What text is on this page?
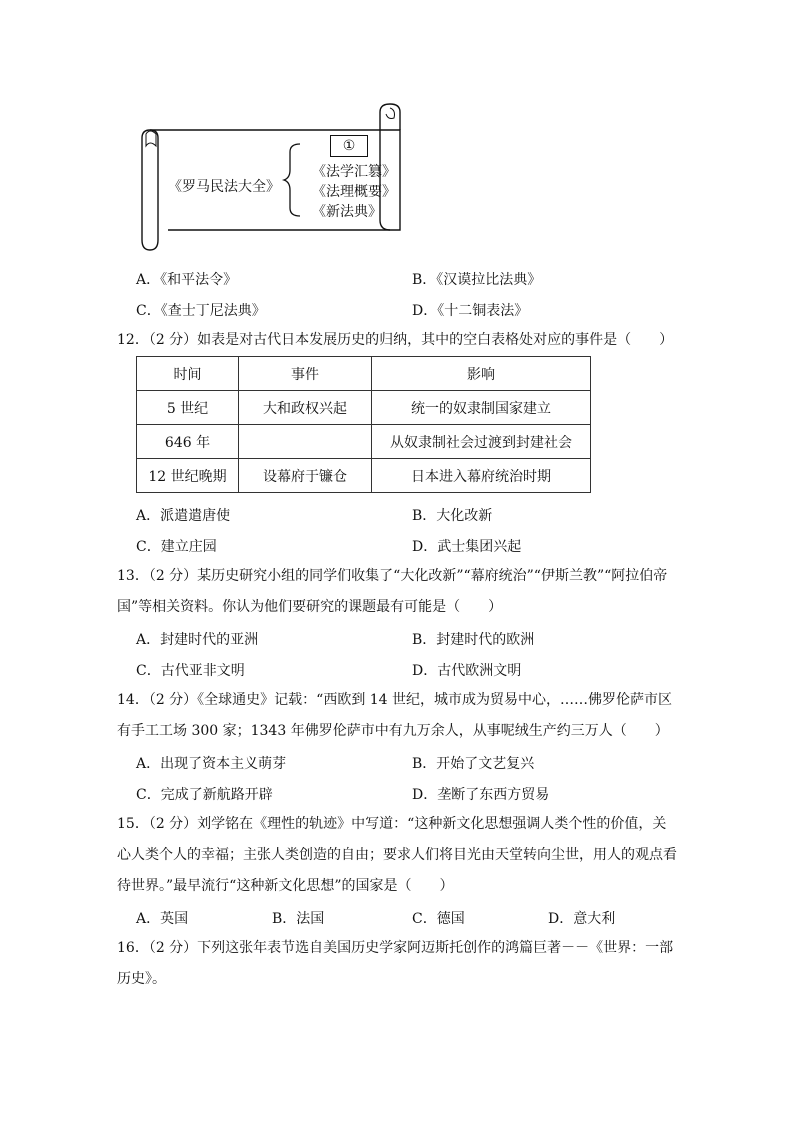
《罗马民法大全》
①
《法学汇篡》
《法理概要》
《新法典》
A．《和平法令》	B．《汉谟拉比法典》
C．《查士丁尼法典》	D．《十二铜表法》
12．（2 分）如表是对古代日本发展历史的归纳，其中的空白表格处对应的事件是（　　）
时间	事件	影响
5 世纪	大和政权兴起	统一的奴隶制国家建立
646 年		从奴隶制社会过渡到封建社会
12 世纪晚期	设幕府于镰仓	日本进入幕府统治时期
A．派遣遣唐使	B．大化改新
C．建立庄园	D．武士集团兴起
13．（2 分）某历史研究小组的同学们收集了“大化改新”“幕府统治”“伊斯兰教”“阿拉伯帝国”等相关资料。你认为他们要研究的课题最有可能是（　　）
A．封建时代的亚洲	B．封建时代的欧洲
C．古代亚非文明	D．古代欧洲文明
14．（2 分）《全球通史》记载：“西欧到 14 世纪，城市成为贸易中心，……佛罗伦萨市区有手工工场 300 家；1343 年佛罗伦萨市中有九万余人，从事呢绒生产约三万人（　　）
A．出现了资本主义萌芽	B．开始了文艺复兴
C．完成了新航路开辟	D．垄断了东西方贸易
15．（2 分）刘学铭在《理性的轨迹》中写道：“这种新文化思想强调人类个性的价值，关心人类个人的幸福；主张人类创造的自由；要求人们将目光由天堂转向尘世，用人的观点看待世界。”最早流行“这种新文化思想”的国家是（　　）
A．英国	B．法国	C．德国	D．意大利
16．（2 分）下列这张年表节选自美国历史学家阿迈斯托创作的鸿篇巨著－－《世界：一部历史》。
